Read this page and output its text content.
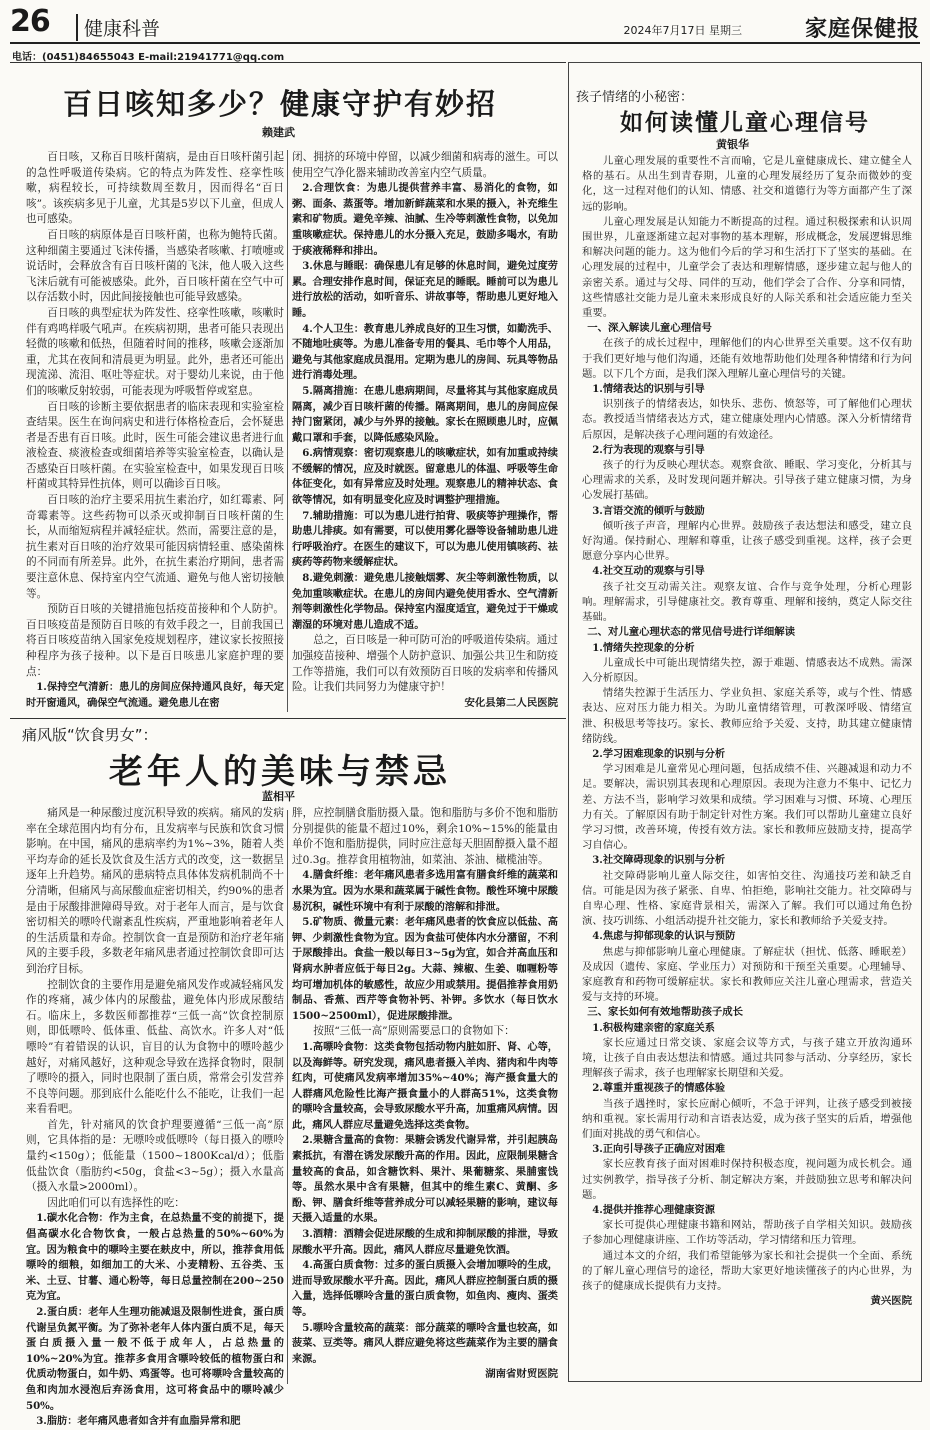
26	健康科普	2024年7月17日 星期三	家庭保健报
电话：(0451)84655043 E-mail:21941771@qq.com
百日咳知多少？健康守护有妙招
赖建武

百日咳，又称百日咳杆菌病，是由百日咳杆菌引起的急性呼吸道传染病。它的特点为阵发性、痉挛性咳嗽，病程较长，可持续数周至数月，因而得名“百日咳”。该疾病多见于儿童，尤其是5岁以下儿童，但成人也可感染。

百日咳的病原体是百日咳杆菌，也称为鲍特氏菌。这种细菌主要通过飞沫传播，当感染者咳嗽、打喷嚏或说话时，会释放含有百日咳杆菌的飞沫，他人吸入这些飞沫后就有可能被感染。此外，百日咳杆菌在空气中可以存活数小时，因此间接接触也可能导致感染。

百日咳的典型症状为阵发性、痉挛性咳嗽，咳嗽时伴有鸡鸣样吸气吼声。在疾病初期，患者可能只表现出轻微的咳嗽和低热，但随着时间的推移，咳嗽会逐渐加重，尤其在夜间和清晨更为明显。此外，患者还可能出现流涕、流泪、呕吐等症状。对于婴幼儿来说，由于他们的咳嗽反射较弱，可能表现为呼吸暂停或窒息。

百日咳的诊断主要依据患者的临床表现和实验室检查结果。医生在询问病史和进行体格检查后，会怀疑患者是否患有百日咳。此时，医生可能会建议患者进行血液检查、痰液检查或细菌培养等实验室检查，以确认是否感染百日咳杆菌。在实验室检查中，如果发现百日咳杆菌或其特异性抗体，则可以确诊百日咳。

百日咳的治疗主要采用抗生素治疗，如红霉素、阿奇霉素等。这些药物可以杀灭或抑制百日咳杆菌的生长，从而缩短病程并减轻症状。然而，需要注意的是，抗生素对百日咳的治疗效果可能因病情轻重、感染菌株的不同而有所差异。此外，在抗生素治疗期间，患者需要注意休息、保持室内空气流通、避免与他人密切接触等。

预防百日咳的关键措施包括疫苗接种和个人防护。百日咳疫苗是预防百日咳的有效手段之一，目前我国已将百日咳疫苗纳入国家免疫规划程序，建议家长按照接种程序为孩子接种。以下是百日咳患儿家庭护理的要点：

1.保持空气清新：患儿的房间应保持通风良好，每天定时开窗通风，确保空气流通。避免患儿在密

闭、拥挤的环境中停留，以减少细菌和病毒的滋生。可以使用空气净化器来辅助改善室内空气质量。

2.合理饮食：为患儿提供营养丰富、易消化的食物，如粥、面条、蒸蛋等。增加新鲜蔬菜和水果的摄入，补充维生素和矿物质。避免辛辣、油腻、生冷等刺激性食物，以免加重咳嗽症状。保持患儿的水分摄入充足，鼓励多喝水，有助于痰液稀释和排出。

3.休息与睡眠：确保患儿有足够的休息时间，避免过度劳累。合理安排作息时间，保证充足的睡眠。睡前可以为患儿进行放松的活动，如听音乐、讲故事等，帮助患儿更好地入睡。

4.个人卫生：教育患儿养成良好的卫生习惯，如勤洗手、不随地吐痰等。为患儿准备专用的餐具、毛巾等个人用品，避免与其他家庭成员混用。定期为患儿的房间、玩具等物品进行消毒处理。

5.隔离措施：在患儿患病期间，尽量将其与其他家庭成员隔离，减少百日咳杆菌的传播。隔离期间，患儿的房间应保持门窗紧闭，减少与外界的接触。家长在照顾患儿时，应佩戴口罩和手套，以降低感染风险。

6.病情观察：密切观察患儿的咳嗽症状，如有加重或持续不缓解的情况，应及时就医。留意患儿的体温、呼吸等生命体征变化，如有异常应及时处理。观察患儿的精神状态、食欲等情况，如有明显变化应及时调整护理措施。

7.辅助措施：可以为患儿进行拍背、吸痰等护理操作，帮助患儿排痰。如有需要，可以使用雾化器等设备辅助患儿进行呼吸治疗。在医生的建议下，可以为患儿使用镇咳药、祛痰药等药物来缓解症状。

8.避免刺激：避免患儿接触烟雾、灰尘等刺激性物质，以免加重咳嗽症状。在患儿的房间内避免使用香水、空气清新剂等刺激性化学物品。保持室内湿度适宜，避免过于干燥或潮湿的环境对患儿造成不适。

总之，百日咳是一种可防可治的呼吸道传染病。通过加强疫苗接种、增强个人防护意识、加强公共卫生和防疫工作等措施，我们可以有效预防百日咳的发病率和传播风险。让我们共同努力为健康守护！

安化县第二人民医院

痛风版“饮食男女”：
老年人的美味与禁忌
蓝相平

痛风是一种尿酸过度沉积导致的疾病。痛风的发病率在全球范围内均有分布，且发病率与民族和饮食习惯影响。在中国，痛风的患病率约为1%~3%，随着人类平均寿命的延长及饮食及生活方式的改变，这一数据呈逐年上升趋势。痛风的患病特点具体体发病机制尚不十分清晰，但痛风与高尿酸血症密切相关，约90%的患者是由于尿酸排泄障碍导致。对于老年人而言，是与饮食密切相关的嘌呤代谢紊乱性疾病，严重地影响着老年人的生活质量和寿命。控制饮食一直是预防和治疗老年痛风的主要手段，多数老年痛风患者通过控制饮食即可达到治疗目标。

控制饮食的主要作用是避免痛风发作或减轻痛风发作的疼痛，减少体内的尿酸盐，避免体内形成尿酸结石。临床上，多数医师都推荐“三低一高”饮食控制原则，即低嘌呤、低体重、低盐、高饮水。许多人对“低嘌呤”有着错误的认识，盲目的认为食物中的嘌呤越少越好，对痛风越好，这种观念导致在选择食物时，限制了嘌呤的摄入，同时也限制了蛋白质，常常会引发营养不良等问题。那到底什么能吃什么不能吃，让我们一起来看看吧。

首先，针对痛风的饮食护理要遵循“三低一高”原则，它具体指的是：无嘌呤或低嘌呤（每日摄入的嘌呤量约<150g）；低能量（1500~1800Kcal/d）；低脂低盐饮食（脂肪约<50g，食盐<3~5g）；摄入水量高（摄入水量>2000ml）。

因此咱们可以有选择性的吃：

1.碳水化合物：作为主食，在总热量不变的前提下，提倡高碳水化合物饮食，一般占总热量的50%~60%为宜。因为粮食中的嘌呤主要在麸皮中，所以，推荐食用低嘌呤的细粮，如细加工的大米、小麦精粉、五谷类、玉米、土豆、甘薯、通心粉等，每日总量控制在200~250克为宜。

2.蛋白质：老年人生理功能减退及限制性进食，蛋白质代谢呈负氮平衡。为了弥补老年人体内蛋白质不足，每天蛋白质摄入量一般不低于成年人，占总热量的10%~20%为宜。推荐多食用含嘌呤较低的植物蛋白和优质动物蛋白，如牛奶、鸡蛋等。也可将嘌呤含量较高的鱼和肉加水浸泡后弃汤食用，这可将食品中的嘌呤减少50%。

3.脂肪：老年痛风患者如含并有血脂异常和肥

胖，应控制膳食脂肪摄入量。饱和脂肪与多价不饱和脂肪分别提供的能量不超过10%，剩余10%~15%的能量由单价不饱和脂肪提供，同时应注意每天胆固醇摄入量不超过0.3g。推荐食用植物油，如菜油、茶油、橄榄油等。

4.膳食纤维：老年痛风患者多选用富有膳食纤维的蔬菜和水果为宜。因为水果和蔬菜属于碱性食物。酸性环境中尿酸易沉积，碱性环境中有利于尿酸的溶解和排泄。

5.矿物质、微量元素：老年痛风患者的饮食应以低盐、高钾、少刺激性食物为宜。因为食盐可使体内水分潴留，不利于尿酸排出。食盐一般以每日3~5g为宜，如合并高血压和肾病水肿者应低于每日2g。大蒜、辣椒、生姜、咖喱粉等均可增加机体的敏感性，故应少用或禁用。提倡推荐食用奶制品、香蕉、西芹等食物补钙、补钾。多饮水（每日饮水1500~2500ml），促进尿酸排泄。

按照“三低一高”原则需要忌口的食物如下：

1.高嘌呤食物：这类食物包括动物内脏如肝、肾、心等，以及海鲜等。研究发现，痛风患者摄入羊肉、猪肉和牛肉等红肉，可使痛风发病率增加35%~40%；海产摄食量大的人群痛风危险性比海产摄食量小的人群高51%，这类食物的嘌呤含量较高，会导致尿酸水平升高，加重痛风病情。因此，痛风人群应尽量避免选择这类食物。

2.果糖含量高的食物：果糖会诱发代谢异常，并引起胰岛素抵抗，有潜在诱发尿酸升高的作用。因此，应限制果糖含量较高的食品，如含糖饮料、果汁、果葡糖浆、果脯蜜饯等。虽然水果中含有果糖，但其中的维生素C、黄酮、多酚、钾、膳食纤维等营养成分可以减轻果糖的影响，建议每天摄入适量的水果。

3.酒精：酒精会促进尿酸的生成和抑制尿酸的排泄，导致尿酸水平升高。因此，痛风人群应尽量避免饮酒。

4.高蛋白质食物：过多的蛋白质摄入会增加嘌呤的生成，进而导致尿酸水平升高。因此，痛风人群应控制蛋白质的摄入量，选择低嘌呤含量的蛋白质食物，如鱼肉、瘦肉、蛋类等。

5.嘌呤含量较高的蔬菜：部分蔬菜的嘌呤含量也较高，如菠菜、豆类等。痛风人群应避免将这些蔬菜作为主要的膳食来源。

湖南省财贸医院

孩子情绪的小秘密：
如何读懂儿童心理信号
黄银华

儿童心理发展的重要性不言而喻，它是儿童健康成长、建立健全人格的基石。从出生到青春期，儿童的心理发展经历了复杂而微妙的变化，这一过程对他们的认知、情感、社交和道德行为等方面都产生了深远的影响。

儿童心理发展是认知能力不断提高的过程。通过积极探索和认识周围世界，儿童逐渐建立起对事物的基本理解，形成概念，发展逻辑思维和解决问题的能力。这为他们今后的学习和生活打下了坚实的基础。在心理发展的过程中，儿童学会了表达和理解情感，逐步建立起与他人的亲密关系。通过与父母、同伴的互动，他们学会了合作、分享和同情，这些情感社交能力是儿童未来形成良好的人际关系和社会适应能力至关重要。

一、深入解读儿童心理信号

在孩子的成长过程中，理解他们的内心世界至关重要。这不仅有助于我们更好地与他们沟通，还能有效地帮助他们处理各种情绪和行为问题。以下几个方面，是我们深入理解儿童心理信号的关键。

1.情绪表达的识别与引导

识别孩子的情绪表达，如快乐、悲伤、愤怒等，可了解他们心理状态。教授适当情绪表达方式，建立健康处理内心情感。深入分析情绪背后原因，是解决孩子心理问题的有效途径。

2.行为表现的观察与引导

孩子的行为反映心理状态。观察食欲、睡眠、学习变化，分析其与心理需求的关系，及时发现问题并解决。引导孩子建立健康习惯，为身心发展打基础。

3.言语交流的倾听与鼓励

倾听孩子声音，理解内心世界。鼓励孩子表达想法和感受，建立良好沟通。保持耐心、理解和尊重，让孩子感受到重视。这样，孩子会更愿意分享内心世界。

4.社交互动的观察与引导

孩子社交互动需关注。观察友谊、合作与竞争处理，分析心理影响。理解需求，引导健康社交。教育尊重、理解和接纳，奠定人际交往基础。

二、对儿童心理状态的常见信号进行详细解读

1.情绪失控现象的分析

儿童成长中可能出现情绪失控，源于难题、情感表达不成熟。需深入分析原因。

情绪失控源于生活压力、学业负担、家庭关系等，或与个性、情感表达、应对压力能力相关。为助儿童情绪管理，可教深呼吸、情绪宣泄、积极思考等技巧。家长、教师应给予关爱、支持，助其建立健康情绪防线。

2.学习困难现象的识别与分析

学习困难是儿童常见心理问题，包括成绩不佳、兴趣减退和动力不足。要解决，需识别其表现和心理原因。表现为注意力不集中、记忆力差、方法不当，影响学习效果和成绩。学习困难与习惯、环境、心理压力有关。了解原因有助于制定针对性方案。我们可以帮助儿童建立良好学习习惯，改善环境，传授有效方法。家长和教师应鼓励支持，提高学习自信心。

3.社交障碍现象的识别与分析

社交障碍影响儿童人际交往，如害怕交往、沟通技巧差和缺乏自信。可能是因为孩子紧张、自卑、怕拒绝，影响社交能力。社交障碍与自卑心理、性格、家庭背景相关，需深入了解。我们可以通过角色扮演、技巧训练、小组活动提升社交能力，家长和教师给予关爱支持。

4.焦虑与抑郁现象的认识与预防

焦虑与抑郁影响儿童心理健康。了解症状（担忧、低落、睡眠差）及成因（遗传、家庭、学业压力）对预防和干预至关重要。心理辅导、家庭教育和药物可缓解症状。家长和教师应关注儿童心理需求，营造关爱与支持的环境。

三、家长如何有效地帮助孩子成长

1.积极构建亲密的家庭关系

家长应通过日常交谈、家庭会议等方式，与孩子建立开放沟通环境，让孩子自由表达想法和情感。通过共同参与活动、分享经历，家长理解孩子需求，孩子也理解家长期望和关爱。

2.尊重并重视孩子的情感体验

当孩子遇挫时，家长应耐心倾听，不急于评判，让孩子感受到被接纳和重视。家长需用行动和言语表达爱，成为孩子坚实的后盾，增强他们面对挑战的勇气和信心。

3.正向引导孩子正确应对困难

家长应教育孩子面对困难时保持积极态度，视问题为成长机会。通过实例教学，指导孩子分析、制定解决方案，并鼓励独立思考和解决问题。

4.提供并推荐心理健康资源

家长可提供心理健康书籍和网站，帮助孩子自学相关知识。鼓励孩子参加心理健康讲座、工作坊等活动，学习情绪和压力管理。

通过本文的介绍，我们希望能够为家长和社会提供一个全面、系统的了解儿童心理信号的途径，帮助大家更好地读懂孩子的内心世界，为孩子的健康成长提供有力支持。

黄兴医院
